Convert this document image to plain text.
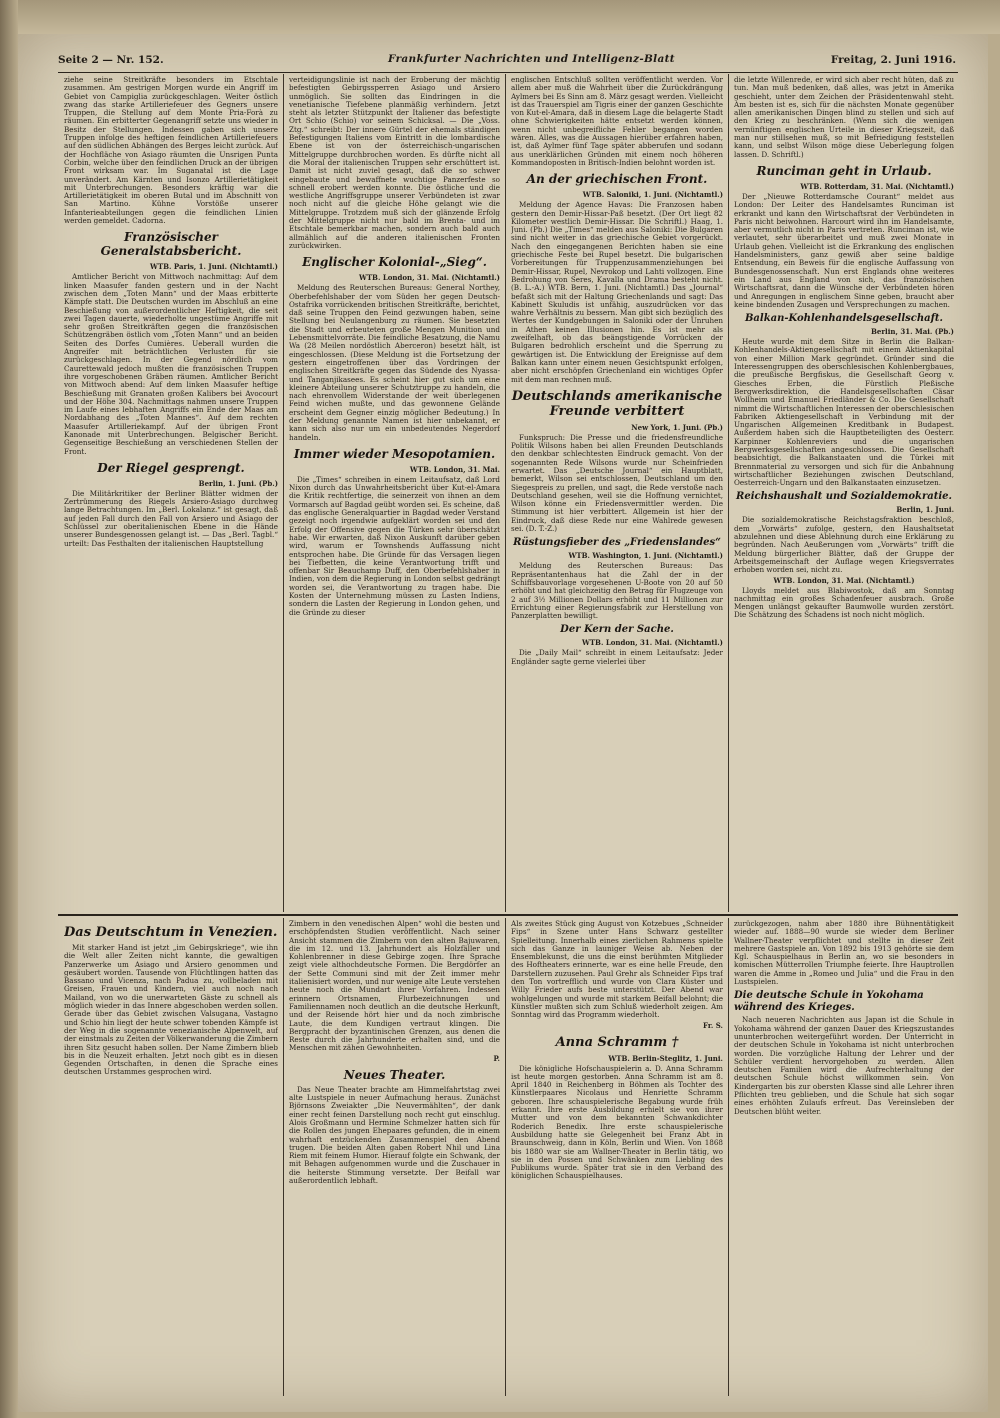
Seite 2 — Nr. 152.	Frankfurter Nachrichten und Intelligenz-Blatt	Freitag, 2. Juni 1916.

ziehe seine Streitkräfte besonders im Etschtale zusammen. Am gestrigen Morgen wurde ein Angriff im Gebiet von Campiglia zurückgeschlagen. Weiter östlich zwang das starke Artilleriefeuer des Gegners unsere Truppen, die Stellung auf dem Monte Pria-Forà zu räumen. Ein erbitterter Gegenangriff setzte uns wieder in Besitz der Stellungen. Indessen gaben sich unsere Truppen infolge des heftigen feindlichen Artilleriefeuers auf den südlichen Abhängen des Berges leicht zurück. Auf der Hochfläche von Asiago räumten die Unsrigen Punta Corbin, welche über den feindlichen Druck an der übrigen Front wirksam war. Im Suganatal ist die Lage unverändert. Am Kärnten und Isonzo Artillerietätigkeit mit Unterbrechungen. Besonders kräftig war die Artillerietätigkeit im oberen Butal und im Abschnitt von San Martino. Kühne Vorstöße unserer Infanterieabteilungen gegen die feindlichen Linien werden gemeldet. Cadorna.

Französischer Generalstabsbericht.
WTB. Paris, 1. Juni. (Nichtamtl.)

Amtlicher Bericht von Mittwoch nachmittag: Auf dem linken Maasufer fanden gestern und in der Nacht zwischen dem „Toten Mann“ und der Maas erbitterte Kämpfe statt. Die Deutschen wurden im Abschluß an eine Beschießung von außerordentlicher Heftigkeit, die seit zwei Tagen dauerte, wiederholte ungestüme Angriffe mit sehr großen Streitkräften gegen die französischen Schützengräben östlich vom „Toten Mann“ und an beiden Seiten des Dorfes Cumières. Ueberall wurden die Angreifer mit beträchtlichen Verlusten für sie zurückgeschlagen. In der Gegend nördlich vom Caurettewald jedoch mußten die französischen Truppen ihre vorgeschobenen Gräben räumen. Amtlicher Bericht von Mittwoch abend: Auf dem linken Maasufer heftige Beschießung mit Granaten großen Kalibers bei Avocourt und der Höhe 304. Nachmittags nahmen unsere Truppen im Laufe eines lebhaften Angriffs ein Ende der Maas am Nordabhang des „Toten Mannes“. Auf dem rechten Maasufer Artilleriekampf. Auf der übrigen Front Kanonade mit Unterbrechungen. Belgischer Bericht. Gegenseitige Beschießung an verschiedenen Stellen der Front.

Der Riegel gesprengt.
Berlin, 1. Juni. (Pb.)

Die Militärkritiker der Berliner Blätter widmen der Zertrümmerung des Riegels Arsiero-Asiago durchweg lange Betrachtungen. Im „Berl. Lokalanz.“ ist gesagt, daß auf jeden Fall durch den Fall von Arsiero und Asiago der Schlüssel zur oberitalienischen Ebene in die Hände unserer Bundesgenossen gelangt ist. — Das „Berl. Tagbl.“ urteilt: Das Festhalten der italienischen Hauptstellung

verteidigungslinie ist nach der Eroberung der mächtig befestigten Gebirgssperren Asiago und Arsiero unmöglich. Sie sollten das Eindringen in die venetianische Tiefebene planmäßig verhindern. Jetzt steht als letzter Stützpunkt der Italiener das befestigte Ort Schio (Schio) vor seinem Schicksal. — Die „Voss. Ztg.“ schreibt: Der innere Gürtel der ehemals ständigen Befestigungen Italiens vom Eintritt in die lombardische Ebene ist von der österreichisch-ungarischen Mittelgruppe durchbrochen worden. Es dürfte nicht all die Moral der italienischen Truppen sehr erschüttert ist. Damit ist nicht zuviel gesagt, daß die so schwer eingebaute und bewaffnete wuchtige Panzerfeste so schnell erobert werden konnte. Die östliche und die westliche Angriffsgruppe unserer Verbündeten ist zwar noch nicht auf die gleiche Höhe gelangt wie die Mittelgruppe. Trotzdem muß sich der glänzende Erfolg der Mittelgruppe nicht nur bald im Brenta- und im Etschtale bemerkbar machen, sondern auch bald auch allmählich auf die anderen italienischen Fronten zurückwirken.

Englischer Kolonial-„Sieg“.
WTB. London, 31. Mai. (Nichtamtl.)

Meldung des Reuterschen Bureaus: General Northey, Oberbefehlshaber der vom Süden her gegen Deutsch-Ostafrika vorrückenden britischen Streitkräfte, berichtet, daß seine Truppen den Feind gezwungen haben, seine Stellung bei Neulangenburg zu räumen. Sie besetzten die Stadt und erbeuteten große Mengen Munition und Lebensmittelvorräte. Die feindliche Besatzung, die Namu Wa (28 Meilen nordöstlich Aberceron) besetzt hält, ist eingeschlossen. (Diese Meldung ist die Fortsetzung der gestern eingetroffenen über das Vordringen der englischen Streitkräfte gegen das Südende des Nyassa- und Tanganjikasees. Es scheint hier gut sich um eine kleinere Abteilung unserer Schutztruppe zu handeln, die nach ehrenvollem Widerstande der weit überlegenen Feind wichen mußte, und das gewonnene Gelände erscheint dem Gegner einzig möglicher Bedeutung.) In der Meldung genannte Namen ist hier unbekannt, er kann sich also nur um ein unbedeutendes Negerdorf handeln.

Immer wieder Mesopotamien.
WTB. London, 31. Mai.

Die „Times“ schreiben in einem Leitaufsatz, daß Lord Nixon durch das Unwahrheitsbericht über Kut-el-Amara die Kritik rechtfertige, die seinerzeit von ihnen an dem Vormarsch auf Bagdad geübt worden sei. Es scheine, daß das englische Generalquartier in Bagdad weder Verstand gezeigt noch irgendwie aufgeklärt worden sei und den Erfolg der Offensive gegen die Türken sehr überschätzt habe. Wir erwarten, daß Nixon Auskunft darüber geben wird, warum er Townshends Auffassung nicht entsprochen habe. Die Gründe für das Versagen liegen bei Tiefbetten, die keine Verantwortung trifft und offenbar Sir Beauchamp Duff, den Oberbefehlshaber in Indien, von dem die Regierung in London selbst gedrängt worden sei, die Verantwortung zu tragen habe. Die Kosten der Unternehmung müssen zu Lasten Indiens, sondern die Lasten der Regierung in London gehen, und die Gründe zu dieser

englischen Entschluß sollten veröffentlicht werden. Vor allem aber muß die Wahrheit über die Zurückdrängung Aylmers bei Es Sinn am 8. März gesagt werden. Vielleicht ist das Trauerspiel am Tigris einer der ganzen Geschichte von Kut-el-Amara, daß in diesem Lage die belagerte Stadt ohne Schwierigkeiten hätte entsetzt werden können, wenn nicht unbegreifliche Fehler begangen worden wären. Alles, was die Aussagen hierüber erfahren haben, ist, daß Aylmer fünf Tage später abberufen und sodann aus unerklärlichen Gründen mit einem noch höheren Kommandoposten in Britisch-Indien belohnt worden ist.

An der griechischen Front.
WTB. Saloniki, 1. Juni. (Nichtamtl.)

Meldung der Agence Havas: Die Franzosen haben gestern den Demir-Hissar-Paß besetzt. (Der Ort liegt 82 Kilometer westlich Demir-Hissar. Die Schriftl.) Haag, 1. Juni. (Pb.) Die „Times“ melden aus Saloniki: Die Bulgaren sind nicht weiter in das griechische Gebiet vorgerückt. Nach den eingegangenen Berichten haben sie eine griechische Feste bei Rupel besetzt. Die bulgarischen Vorbereitungen für Truppenzusammenziehungen bei Demir-Hissar, Rupel, Nevrokop und Lahti vollzogen. Eine Bedrohung von Seres, Kavalla und Drama besteht nicht. (B. L.-A.) WTB. Bern, 1. Juni. (Nichtamtl.) Das „Journal“ befaßt sich mit der Haltung Griechenlands und sagt: Das Kabinett Skuludis ist unfähig, auszudrücken vor das wahre Verhältnis zu bessern. Man gibt sich bezüglich des Wertes der Kundgebungen in Saloniki oder der Unruhen in Athen keinen Illusionen hin. Es ist mehr als zweifelhaft, ob das beängstigende Vorrücken der Bulgaren bedrohlich erscheint und die Sperrung zu gewärtigen ist. Die Entwicklung der Ereignisse auf dem Balkan kann unter einem neuen Gesichtspunkt erfolgen, aber nicht erschöpfen Griechenland ein wichtiges Opfer mit dem man rechnen muß.

Deutschlands amerikanische Freunde verbittert
New York, 1. Juni. (Pb.)

Funkspruch: Die Presse und die friedensfreundliche Politik Wilsons haben bei allen Freunden Deutschlands den denkbar schlechtesten Eindruck gemacht. Von der sogenannten Rede Wilsons wurde nur Scheinfrieden erwartet. Das „Deutsche Journal“ ein Hauptblatt, bemerkt, Wilson sei entschlossen, Deutschland um den Siegespreis zu prellen, und sagt, die Rede verstoße nach Deutschland gesehen, weil sie die Hoffnung vernichtet, Wilson könne ein Friedensvermittler werden. Die Stimmung ist hier verbittert. Allgemein ist hier der Eindruck, daß diese Rede nur eine Wahlrede gewesen sei. (D. T.-Z.)

Rüstungsfieber des „Friedenslandes“
WTB. Washington, 1. Juni. (Nichtamtl.)

Meldung des Reuterschen Bureaus: Das Repräsentantenhaus hat die Zahl der in der Schiffsbauvorlage vorgesehenen U-Boote von 20 auf 50 erhöht und hat gleichzeitig den Betrag für Flugzeuge von 2 auf 3½ Millionen Dollars erhöht und 11 Millionen zur Errichtung einer Regierungsfabrik zur Herstellung von Panzerplatten bewilligt.

Der Kern der Sache.
WTB. London, 31. Mai. (Nichtamtl.)

Die „Daily Mail“ schreibt in einem Leitaufsatz: Jeder Engländer sagte gerne vielerlei über

die letzte Willenrede, er wird sich aber recht hüten, daß zu tun. Man muß bedenken, daß alles, was jetzt in Amerika geschieht, unter dem Zeichen der Präsidentenwahl steht. Am besten ist es, sich für die nächsten Monate gegenüber allen amerikanischen Dingen blind zu stellen und sich auf den Krieg zu beschränken. (Wenn sich die wenigen vernünftigen englischen Urteile in dieser Kriegszeit, daß man nur stillsehen muß, so mit Befriedigung feststellen kann, und selbst Wilson möge diese Ueberlegung folgen lassen. D. Schriftl.)

Runciman geht in Urlaub.
WTB. Rotterdam, 31. Mai. (Nichtamtl.)

Der „Nieuwe Rotterdamsche Courant“ meldet aus London: Der Leiter des Handelsamtes Runciman ist erkrankt und kann den Wirtschaftsrat der Verbündeten in Paris nicht beiwohnen. Harcourt wird ihn im Handelsamte, aber vermutlich nicht in Paris vertreten. Runciman ist, wie verlautet, sehr überarbeitet und muß zwei Monate in Urlaub gehen. Vielleicht ist die Erkrankung des englischen Handelsministers, ganz gewiß aber seine baldige Entsendung, ein Beweis für die englische Auffassung von Bundesgenossenschaft. Nun erst Englands ohne weiteres ein Land aus England von sich, das französischen Wirtschaftsrat, dann die Wünsche der Verbündeten hören und Anregungen in englischem Sinne geben, braucht aber keine bindenden Zusagen und Versprechungen zu machen.

Balkan-Kohlenhandelsgesellschaft.
Berlin, 31. Mai. (Pb.)

Heute wurde mit dem Sitze in Berlin die Balkan-Kohlenhandels-Aktiengesellschaft mit einem Aktienkapital von einer Million Mark gegründet. Gründer sind die Interessengruppen des oberschlesischen Kohlenbergbaues, die preußische Bergfiskus, die Gesellschaft Georg v. Giesches Erben, die Fürstlich Pleßische Bergwerksdirektion, die Handelsgesellschaften Cäsar Wollheim und Emanuel Friedländer & Co. Die Gesellschaft nimmt die Wirtschaftlichen Interessen der oberschlesischen Fabriken Aktiengesellschaft in Verbindung mit der Ungarischen Allgemeinen Kreditbank in Budapest. Außerdem haben sich die Hauptbeteiligten des Oesterr. Karpinner Kohlenreviers und die ungarischen Bergwerksgesellschaften angeschlossen. Die Gesellschaft beabsichtigt, die Balkanstaaten und die Türkei mit Brennmaterial zu versorgen und sich für die Anbahnung wirtschaftlicher Beziehungen zwischen Deutschland, Oesterreich-Ungarn und den Balkanstaaten einzusetzen.

Reichshaushalt und Sozialdemokratie.
Berlin, 1. Juni.

Die sozialdemokratische Reichstagsfraktion beschloß, dem „Vorwärts“ zufolge, gestern, den Haushaltsetat abzulehnen und diese Ablehnung durch eine Erklärung zu begründen. Nach Aeußerungen vom „Vorwärts“ trifft die Meldung bürgerlicher Blätter, daß der Gruppe der Arbeitsgemeinschaft der Auflage wegen Kriegsverrates erhoben worden sei, nicht zu.

WTB. London, 31. Mai. (Nichtamtl.)

Lloyds meldet aus Blabiwostok, daß am Sonntag nachmittag ein großes Schadenfeuer ausbrach. Große Mengen unlängst gekaufter Baumwolle wurden zerstört. Die Schätzung des Schadens ist noch nicht möglich.

Das Deutschtum in Venezien.

Mit starker Hand ist jetzt „im Gebirgskriege“, wie ihn die Welt aller Zeiten nicht kannte, die gewaltigen Panzerwerke um Asiago und Arsiero genommen und gesäubert worden. Tausende von Flüchtlingen hatten das Bassano und Vicenza, nach Padua zu, vollbeladen mit Greisen, Frauen und Kindern, viel auch noch nach Mailand, von wo die unerwarteten Gäste zu schnell als möglich wieder in das Innere abgeschoben werden sollen. Gerade über das Gebiet zwischen Valsugana, Vastagno und Schio hin liegt der heute schwer tobenden Kämpfe ist der Weg in die sogenannte venezianische Alpenwelt, auf der einstmals zu Zeiten der Völkerwanderung die Zimbern ihren Sitz gesucht haben sollen. Der Name Zimbern blieb bis in die Neuzeit erhalten. Jetzt noch gibt es in diesen Gegenden Ortschaften, in denen die Sprache eines deutschen Urstammes gesprochen wird.

Zimbern in den venedischen Alpen“ wohl die besten und erschöpfendsten Studien veröffentlicht. Nach seiner Ansicht stammen die Zimbern von den alten Bajuwaren, die im 12. und 13. Jahrhundert als Holzfäller und Kohlenbrenner in diese Gebirge zogen. Ihre Sprache zeigt viele althochdeutsche Formen. Die Bergdörfer an der Sette Communi sind mit der Zeit immer mehr italienisiert worden, und nur wenige alte Leute verstehen heute noch die Mundart ihrer Vorfahren. Indessen erinnern Ortsnamen, Flurbezeichnungen und Familiennamen noch deutlich an die deutsche Herkunft, und der Reisende hört hier und da noch zimbrische Laute, die dem Kundigen vertraut klingen. Die Bergpracht der byzantinischen Grenzen, aus denen die Reste durch die Jahrhunderte erhalten sind, und die Menschen mit zähen Gewohnheiten.

P.
Neues Theater.

Das Neue Theater brachte am Himmelfahrtstag zwei alte Lustspiele in neuer Aufmachung heraus. Zunächst Björnsons Zweiakter „Die Neuvermählten“, der dank einer recht feinen Darstellung noch recht gut einschlug. Alois Großmann und Hermine Schmelzer hatten sich für die Rollen des jungen Ehepaares gefunden, die in einem wahrhaft entzückenden Zusammenspiel den Abend trugen. Die beiden Alten gaben Robert Nhil und Lina Riem mit feinem Humor. Hierauf folgte ein Schwank, der mit Behagen aufgenommen wurde und die Zuschauer in die heiterste Stimmung versetzte. Der Beifall war außerordentlich lebhaft.

Als zweites Stück ging August von Kotzebues „Schneider Fips“ in Szene unter Hans Schwarz gestellter Spielleitung. Innerhalb eines zierlichen Rahmens spielte sich das Ganze in launiger Weise ab. Neben der Ensemblekunst, die uns die einst berühmten Mitglieder des Hoftheaters erinnerte, war es eine helle Freude, den Darstellern zuzusehen. Paul Grehr als Schneider Fips traf den Ton vortrefflich und wurde von Clara Küster und Willy Frieder aufs beste unterstützt. Der Abend war wohlgelungen und wurde mit starkem Beifall belohnt; die Künstler mußten sich zum Schluß wiederholt zeigen. Am Sonntag wird das Programm wiederholt.

Fr. S.
Anna Schramm †
WTB. Berlin-Steglitz, 1. Juni.

Die königliche Hofschauspielerin a. D. Anna Schramm ist heute morgen gestorben. Anna Schramm ist am 8. April 1840 in Reichenberg in Böhmen als Tochter des Künstlerpaares Nicolaus und Henriette Schramm geboren. Ihre schauspielerische Begabung wurde früh erkannt. Ihre erste Ausbildung erhielt sie von ihrer Mutter und von dem bekannten Schwankdichter Roderich Benedix. Ihre erste schauspielerische Ausbildung hatte sie Gelegenheit bei Franz Abt in Braunschweig, dann in Köln, Berlin und Wien. Von 1868 bis 1880 war sie am Wallner-Theater in Berlin tätig, wo sie in den Possen und Schwänken zum Liebling des Publikums wurde. Später trat sie in den Verband des königlichen Schauspielhauses.

zurückgezogen, nahm aber 1880 ihre Bühnentätigkeit wieder auf. 1888—90 wurde sie wieder dem Berliner Wallner-Theater verpflichtet und stellte in dieser Zeit mehrere Gastspiele an. Von 1892 bis 1913 gehörte sie dem Kgl. Schauspielhaus in Berlin an, wo sie besonders in komischen Mütterrollen Triumphe feierte. Ihre Hauptrollen waren die Amme in „Romeo und Julia“ und die Frau in den Lustspielen.

Die deutsche Schule in Yokohama während des Krieges.

Nach neueren Nachrichten aus Japan ist die Schule in Yokohama während der ganzen Dauer des Kriegszustandes ununterbrochen weitergeführt worden. Der Unterricht in der deutschen Schule in Yokohama ist nicht unterbrochen worden. Die vorzügliche Haltung der Lehrer und der Schüler verdient hervorgehoben zu werden. Allen deutschen Familien wird die Aufrechterhaltung der deutschen Schule höchst willkommen sein. Von Kindergarten bis zur obersten Klasse sind alle Lehrer ihren Pflichten treu geblieben, und die Schule hat sich sogar eines erhöhten Zulaufs erfreut. Das Vereinsleben der Deutschen blüht weiter.
